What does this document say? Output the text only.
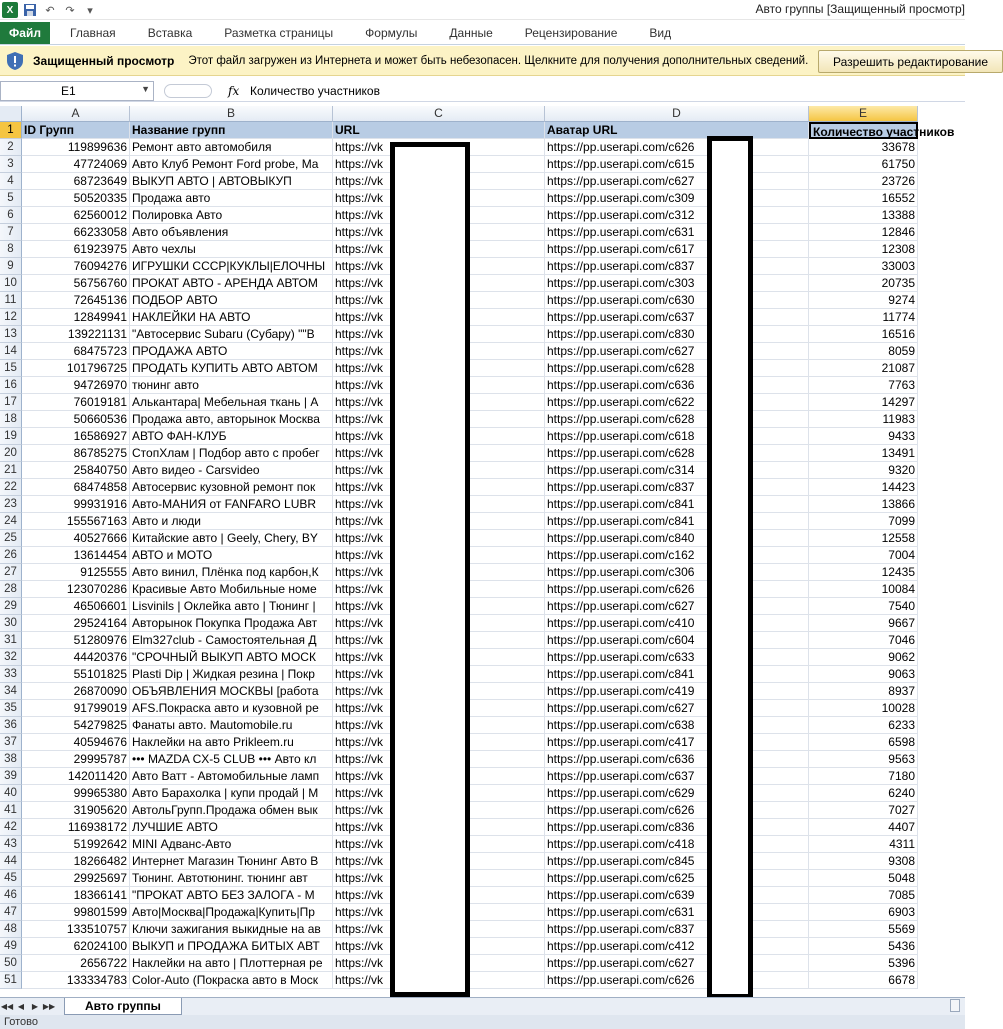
X	↶ ↷	▾	Авто группы [Защищенный просмотр]
Файл	Главная	Вставка	Разметка страницы	Формулы	Данные	Рецензирование	Вид
Защищенный просмотр Этот файл загружен из Интернета и может быть небезопасен. Щелкните для получения дополнительных сведений.	Разрешить редактирование
E1	▼	fx Количество участников
A	B	C	D	E
1 ID Групп	Название групп	URL	Аватар URL	Количество участников
2	119899636 Ремонт авто автомобиля	https://vk	https://pp.userapi.com/c626	33678
3	47724069 Авто Клуб Ремонт Ford probe, Ma	https://vk	https://pp.userapi.com/c615	61750
4	68723649 ВЫКУП АВТО | АВТОВЫКУП	https://vk	https://pp.userapi.com/c627	23726
5	50520335 Продажа авто	https://vk	https://pp.userapi.com/c309	16552
6	62560012 Полировка Авто	https://vk	https://pp.userapi.com/c312	13388
7	66233058 Авто объявления	https://vk	https://pp.userapi.com/c631	12846
8	61923975 Авто чехлы	https://vk	https://pp.userapi.com/c617	12308
9	76094276 ИГРУШКИ СССР|КУКЛЫ|ЕЛОЧНЫ https://vk	https://pp.userapi.com/c837	33003
10	56756760 ПРОКАТ АВТО - АРЕНДА АВТОМ	https://vk	https://pp.userapi.com/c303	20735
11	72645136 ПОДБОР АВТО	https://vk	https://pp.userapi.com/c630	9274
12	12849941 НАКЛЕЙКИ НА АВТО	https://vk	https://pp.userapi.com/c637	11774
13	139221131 "Автосервис Subaru (Субару) ""В	https://vk	https://pp.userapi.com/c830	16516
14	68475723 ПРОДАЖА АВТО	https://vk	https://pp.userapi.com/c627	8059
15	101796725 ПРОДАТЬ КУПИТЬ АВТО АВТОМ	https://vk	https://pp.userapi.com/c628	21087
16	94726970 тюнинг авто	https://vk	https://pp.userapi.com/c636	7763
17	76019181 Алькантара| Мебельная ткань | А	https://vk	https://pp.userapi.com/c622	14297
18	50660536 Продажа авто, авторынок Москва	https://vk	https://pp.userapi.com/c628	11983
19	16586927 АВТО ФАН-КЛУБ	https://vk	https://pp.userapi.com/c618	9433
20	86785275 СтопХлам | Подбор авто с пробег	https://vk	https://pp.userapi.com/c628	13491
21	25840750 Авто видео - Carsvideo	https://vk	https://pp.userapi.com/c314	9320
22	68474858 Автосервис кузовной ремонт пок	https://vk	https://pp.userapi.com/c837	14423
23	99931916 Авто-МАНИЯ от FANFARO LUBR	https://vk	https://pp.userapi.com/c841	13866
24	155567163 Авто и люди	https://vk	https://pp.userapi.com/c841	7099
25	40527666 Китайские авто | Geely, Chery, BY	https://vk	https://pp.userapi.com/c840	12558
26	13614454 АВТО и МОТО	https://vk	https://pp.userapi.com/c162	7004
27	9125555 Авто винил, Плёнка под карбон,К	https://vk	https://pp.userapi.com/c306	12435
28	123070286 Красивые Авто Мобильные номе	https://vk	https://pp.userapi.com/c626	10084
29	46506601 Lisvinils | Оклейка авто | Тюнинг |	https://vk	https://pp.userapi.com/c627	7540
30	29524164 Авторынок Покупка Продажа Авт	https://vk	https://pp.userapi.com/c410	9667
31	51280976 Elm327club - Самостоятельная Д	https://vk	https://pp.userapi.com/c604	7046
32	44420376 "СРОЧНЫЙ ВЫКУП АВТО МОСК	https://vk	https://pp.userapi.com/c633	9062
33	55101825 Plasti Dip | Жидкая резина | Покр	https://vk	https://pp.userapi.com/c841	9063
34	26870090 ОБЪЯВЛЕНИЯ МОСКВЫ [работа	https://vk	https://pp.userapi.com/c419	8937
35	91799019 AFS.Покраска авто и кузовной ре	https://vk	https://pp.userapi.com/c627	10028
36	54279825 Фанаты авто. Mautomobile.ru	https://vk	https://pp.userapi.com/c638	6233
37	40594676 Наклейки на авто Prikleem.ru	https://vk	https://pp.userapi.com/c417	6598
38	29995787 ••• MAZDA CX-5 CLUB ••• Авто кл	https://vk	https://pp.userapi.com/c636	9563
39	142011420 Авто Ватт - Автомобильные ламп	https://vk	https://pp.userapi.com/c637	7180
40	99965380 Авто Барахолка | купи продай | М	https://vk	https://pp.userapi.com/c629	6240
41	31905620 АвтольГрупп.Продажа обмен вык	https://vk	https://pp.userapi.com/c626	7027
42	116938172 ЛУЧШИЕ АВТО	https://vk	https://pp.userapi.com/c836	4407
43	51992642 MINI Адванс-Авто	https://vk	https://pp.userapi.com/c418	4311
44	18266482 Интернет Магазин Тюнинг Авто В	https://vk	https://pp.userapi.com/c845	9308
45	29925697 Тюнинг. Автотюнинг. тюнинг авт	https://vk	https://pp.userapi.com/c625	5048
46	18366141 "ПРОКАТ АВТО БЕЗ ЗАЛОГА - М	https://vk	https://pp.userapi.com/c639	7085
47	99801599 Авто|Москва|Продажа|Купить|Пр	https://vk	https://pp.userapi.com/c631	6903
48	133510757 Ключи зажигания выкидные на ав	https://vk	https://pp.userapi.com/c837	5569
49	62024100 ВЫКУП и ПРОДАЖА БИТЫХ АВТ	https://vk	https://pp.userapi.com/c412	5436
50	2656722 Наклейки на авто | Плоттерная ре	https://vk	https://pp.userapi.com/c627	5396
51	133334783 Color-Auto (Покраска авто в Моск	https://vk	https://pp.userapi.com/c626	6678
◀◀ ◀ ▶ ▶▶	Авто группы
Готово
